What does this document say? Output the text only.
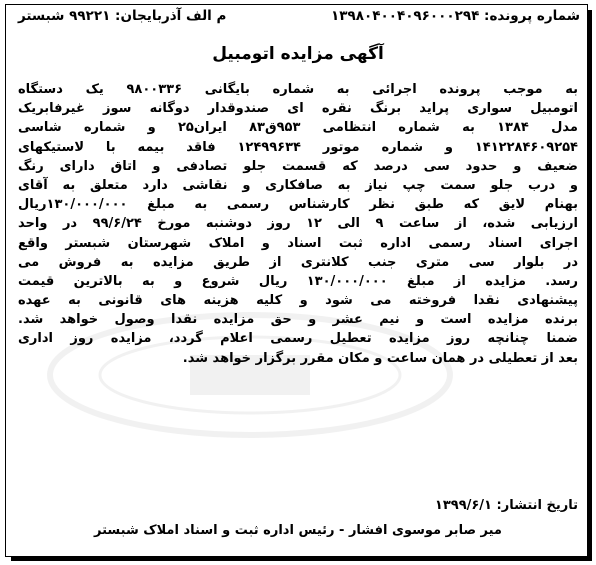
شماره پرونده: ۱۳۹۸۰۴۰۰۴۰۹۶۰۰۰۲۹۴
م الف آذربایجان: ۹۹۲۲۱ شبستر
آگهی مزایده اتومبیل
به موجب پرونده اجرائی به شماره بایگانی ۹۸۰۰۳۳۶ یک دستگاه
اتومبیل سواری پراید برنگ نقره ای صندوقدار دوگانه سوز غیرفابریک
مدل ۱۳۸۴ به شماره انتظامی ۹۵۳ق۸۳ ایران۲۵ و شماره شاسی
۱۴۱۲۲۸۴۶۰۹۲۵۴ و شماره موتور ۱۲۴۹۹۶۳۴ فاقد بیمه با لاستیکهای
ضعیف و حدود سی درصد که قسمت جلو تصادفی و اتاق دارای رنگ
و درب جلو سمت چپ نیاز به صافکاری و نقاشی دارد متعلق به آقای
بهنام لایق که طبق نظر کارشناس رسمی به مبلغ ۱۳۰/۰۰۰/۰۰۰ریال
ارزیابی شده، از ساعت ۹ الی ۱۲ روز دوشنبه مورخ ۹۹/۶/۲۴ در واحد
اجرای اسناد رسمی اداره ثبت اسناد و املاک شهرستان شبستر واقع
در بلوار سی متری جنب کلانتری از طریق مزایده به فروش می
رسد. مزایده از مبلغ ۱۳۰/۰۰۰/۰۰۰ ریال شروع و به بالاترین قیمت
پیشنهادی نقدا فروخته می شود و کلیه هزینه های قانونی به عهده
برنده مزایده است و نیم عشر و حق مزایده نقدا وصول خواهد شد.
ضمنا چنانچه روز مزایده تعطیل رسمی اعلام گردد، مزایده روز اداری
بعد از تعطیلی در همان ساعت و مکان مقرر برگزار خواهد شد.
تاریخ انتشار: ۱۳۹۹/۶/۱
میر صابر موسوی افشار - رئیس اداره ثبت و اسناد املاک شبستر
